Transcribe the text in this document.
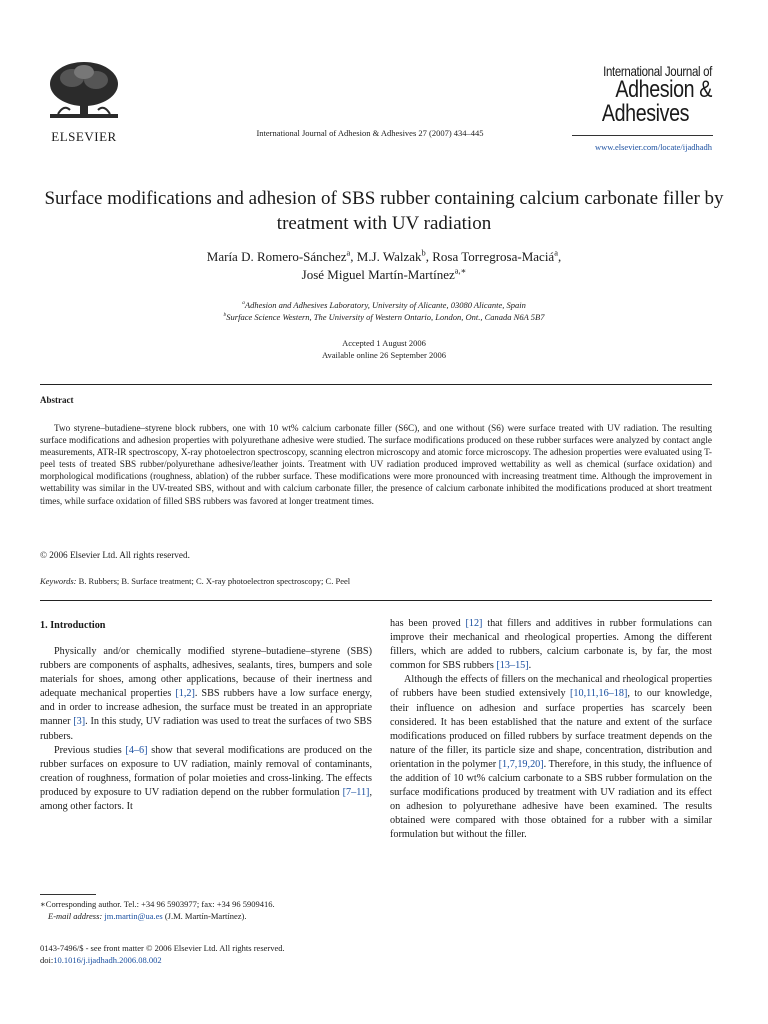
ELSEVIER	International Journal of Adhesion & Adhesives 27 (2007) 434–445
International Journal of
Adhesion &
Adhesives
www.elsevier.com/locate/ijadhadh
Surface modifications and adhesion of SBS rubber containing calcium carbonate filler by treatment with UV radiation
María D. Romero-Sánchez$^a$, M.J. Walzak$^b$, Rosa Torregrosa-Maciá$^a$,
José Miguel Martín-Martínez$^{a,∗}$
$^a$Adhesion and Adhesives Laboratory, University of Alicante, 03080 Alicante, Spain
$^b$Surface Science Western, The University of Western Ontario, London, Ont., Canada N6A 5B7
Accepted 1 August 2006
Available online 26 September 2006
Abstract
Two styrene–butadiene–styrene block rubbers, one with 10 wt% calcium carbonate filler (S6C), and one without (S6) were surface treated with UV radiation. The resulting surface modifications and adhesion properties with polyurethane adhesive were studied. The surface modifications produced on these rubber surfaces were analyzed by contact angle measurements, ATR-IR spectroscopy, X-ray photoelectron spectroscopy, scanning electron microscopy and atomic force microscopy. The adhesion properties were evaluated using T-peel tests of treated SBS rubber/polyurethane adhesive/leather joints. Treatment with UV radiation produced improved wettability as well as chemical (surface oxidation) and morphological modifications (roughness, ablation) of the rubber surface. These modifications were more pronounced with increasing treatment time. Although the improvement in wettability was similar in the UV-treated SBS, without and with calcium carbonate filler, the presence of calcium carbonate inhibited the modifications produced at short treatment times, while surface oxidation of filled SBS rubbers was favored at longer treatment times.
© 2006 Elsevier Ltd. All rights reserved.
Keywords: B. Rubbers; B. Surface treatment; C. X-ray photoelectron spectroscopy; C. Peel
1. Introduction

Physically and/or chemically modified styrene–butadiene–styrene (SBS) rubbers are components of asphalts, adhesives, sealants, tires, bumpers and sole materials for shoes, among other applications, because of their inertness and adequate mechanical properties [1,2]. SBS rubbers have a low surface energy, and in order to increase adhesion, the surface must be treated in an appropriate manner [3]. In this study, UV radiation was used to treat the surfaces of two SBS rubbers.

Previous studies [4–6] show that several modifications are produced on the rubber surfaces on exposure to UV radiation, mainly removal of contaminants, creation of roughness, formation of polar moieties and cross-linking. The effects produced by exposure to UV radiation depend on the rubber formulation [7–11], among other factors. It

has been proved [12] that fillers and additives in rubber formulations can improve their mechanical and rheological properties. Among the different fillers, which are added to rubbers, calcium carbonate is, by far, the most common for SBS rubbers [13–15].

Although the effects of fillers on the mechanical and rheological properties of rubbers have been studied extensively [10,11,16–18], to our knowledge, their influence on adhesion and surface properties has scarcely been considered. It has been established that the nature and extent of the surface modifications produced on filled rubbers by surface treatment depends on the nature of the filler, its particle size and shape, concentration, distribution and orientation in the polymer [1,7,19,20]. Therefore, in this study, the influence of the addition of 10 wt% calcium carbonate to a SBS rubber formulation on the surface modifications produced by treatment with UV radiation and its effect on adhesion to polyurethane adhesive have been examined. The results obtained were compared with those obtained for a rubber with a similar formulation but without the filler.

∗Corresponding author. Tel.: +34 96 5903977; fax: +34 96 5909416.
E-mail address: jm.martin@ua.es (J.M. Martín-Martínez).
0143-7496/$ - see front matter © 2006 Elsevier Ltd. All rights reserved.
doi:10.1016/j.ijadhadh.2006.08.002
